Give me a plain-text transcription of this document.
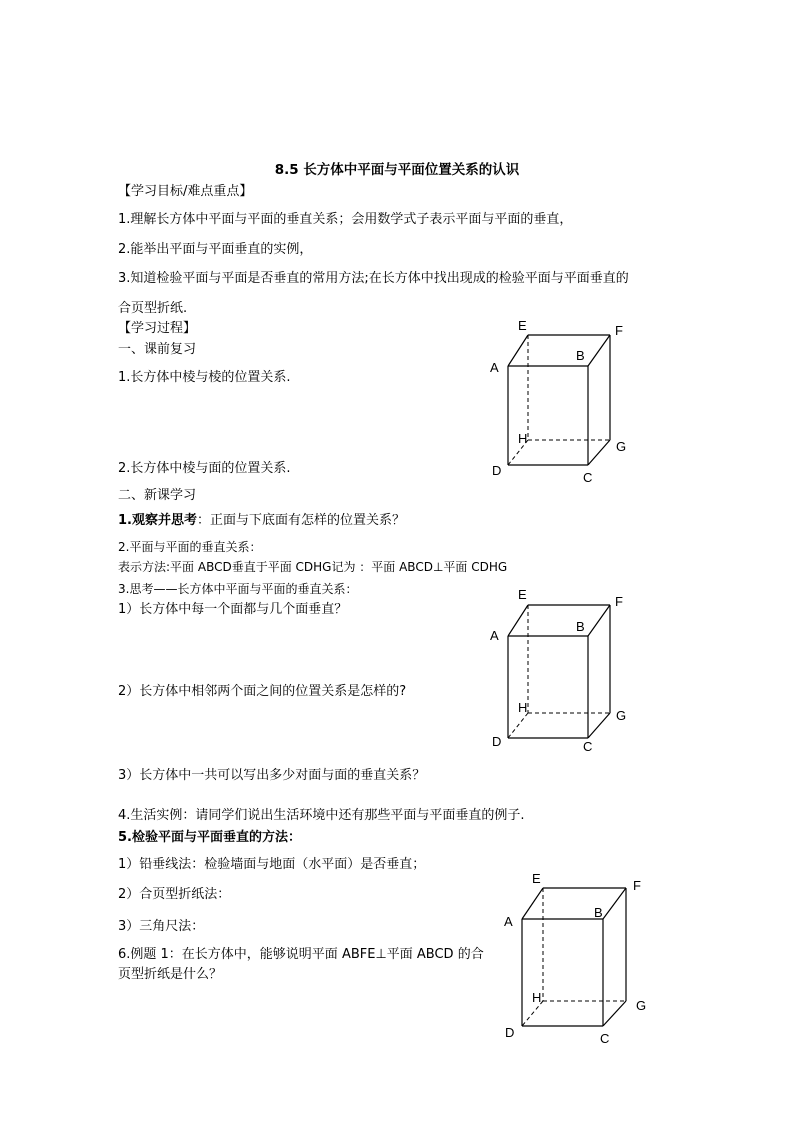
8.5 长方体中平面与平面位置关系的认识
【学习目标/难点重点】
1.理解长方体中平面与平面的垂直关系；会用数学式子表示平面与平面的垂直，
2.能举出平面与平面垂直的实例，
3.知道检验平面与平面是否垂直的常用方法;在长方体中找出现成的检验平面与平面垂直的
合页型折纸.
【学习过程】
一、课前复习
1.长方体中棱与棱的位置关系.
2.长方体中棱与面的位置关系.
二、新课学习
1.观察并思考：正面与下底面有怎样的位置关系？
2.平面与平面的垂直关系：
表示方法:平面 ABCD垂直于平面 CDHG记为 ：平面 ABCD⊥平面 CDHG
3.思考——长方体中平面与平面的垂直关系：
1）长方体中每一个面都与几个面垂直？
2）长方体中相邻两个面之间的位置关系是怎样的?
3）长方体中一共可以写出多少对面与面的垂直关系？
4.生活实例：请同学们说出生活环境中还有那些平面与平面垂直的例子.
5.检验平面与平面垂直的方法：
1）铅垂线法：检验墙面与地面（水平面）是否垂直；
2）合页型折纸法：
3）三角尺法：
6.例题 1：在长方体中，能够说明平面 ABFE⊥平面 ABCD 的合
页型折纸是什么？
A
B
C
D
E	F
G
H
A
B
C
D
E	F
G
H
A
B
C
D
E	F
G
H
